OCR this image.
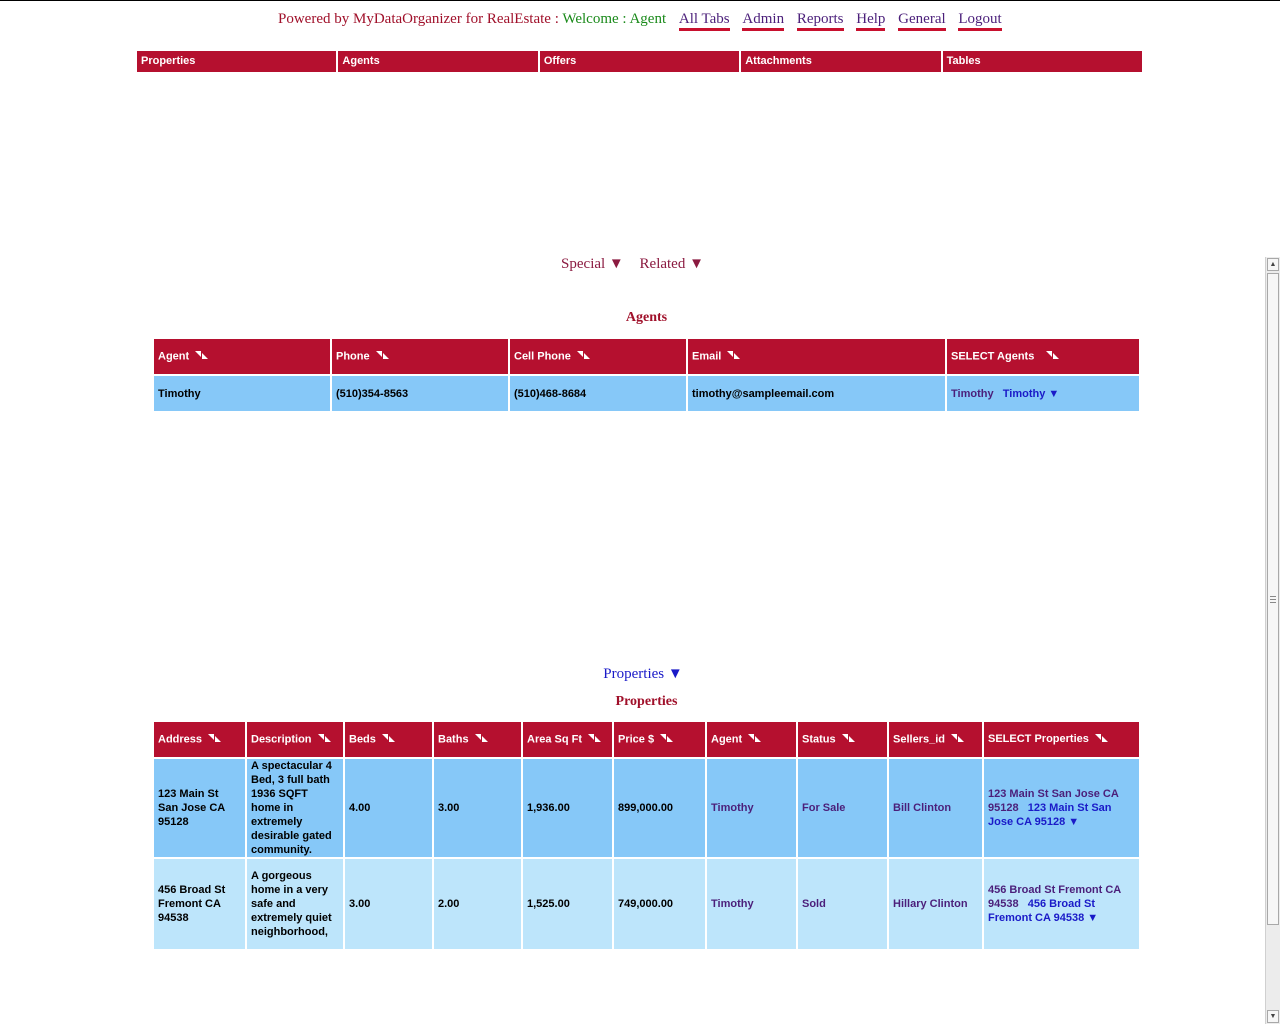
Powered by MyDataOrganizer for RealEstate : Welcome : Agent All Tabs Admin Reports Help General Logout
Properties	Agents	Offers	Attachments	Tables
Special ▼ Related ▼
Agents
Agent	Phone	Cell Phone	Email	SELECT Agents
Timothy	(510)354-8563	(510)468-8684	timothy@sampleemail.com	Timothy Timothy ▼
Properties ▼
Properties
Address	Description	Beds	Baths	Area Sq Ft	Price $	Agent	Status	Sellers_id	SELECT Properties
123 Main St San Jose CA 95128	A spectacular 4 Bed, 3 full bath 1936 SQFT home in extremely desirable gated community.	4.00	3.00	1,936.00	899,000.00	Timothy	For Sale	Bill Clinton	123 Main St San Jose CA 95128 123 Main St San Jose CA 95128 ▼
456 Broad St Fremont CA 94538	A gorgeous home in a very safe and extremely quiet neighborhood,	3.00	2.00	1,525.00	749,000.00	Timothy	Sold	Hillary Clinton	456 Broad St Fremont CA 94538 456 Broad St Fremont CA 94538 ▼
▲
▼
